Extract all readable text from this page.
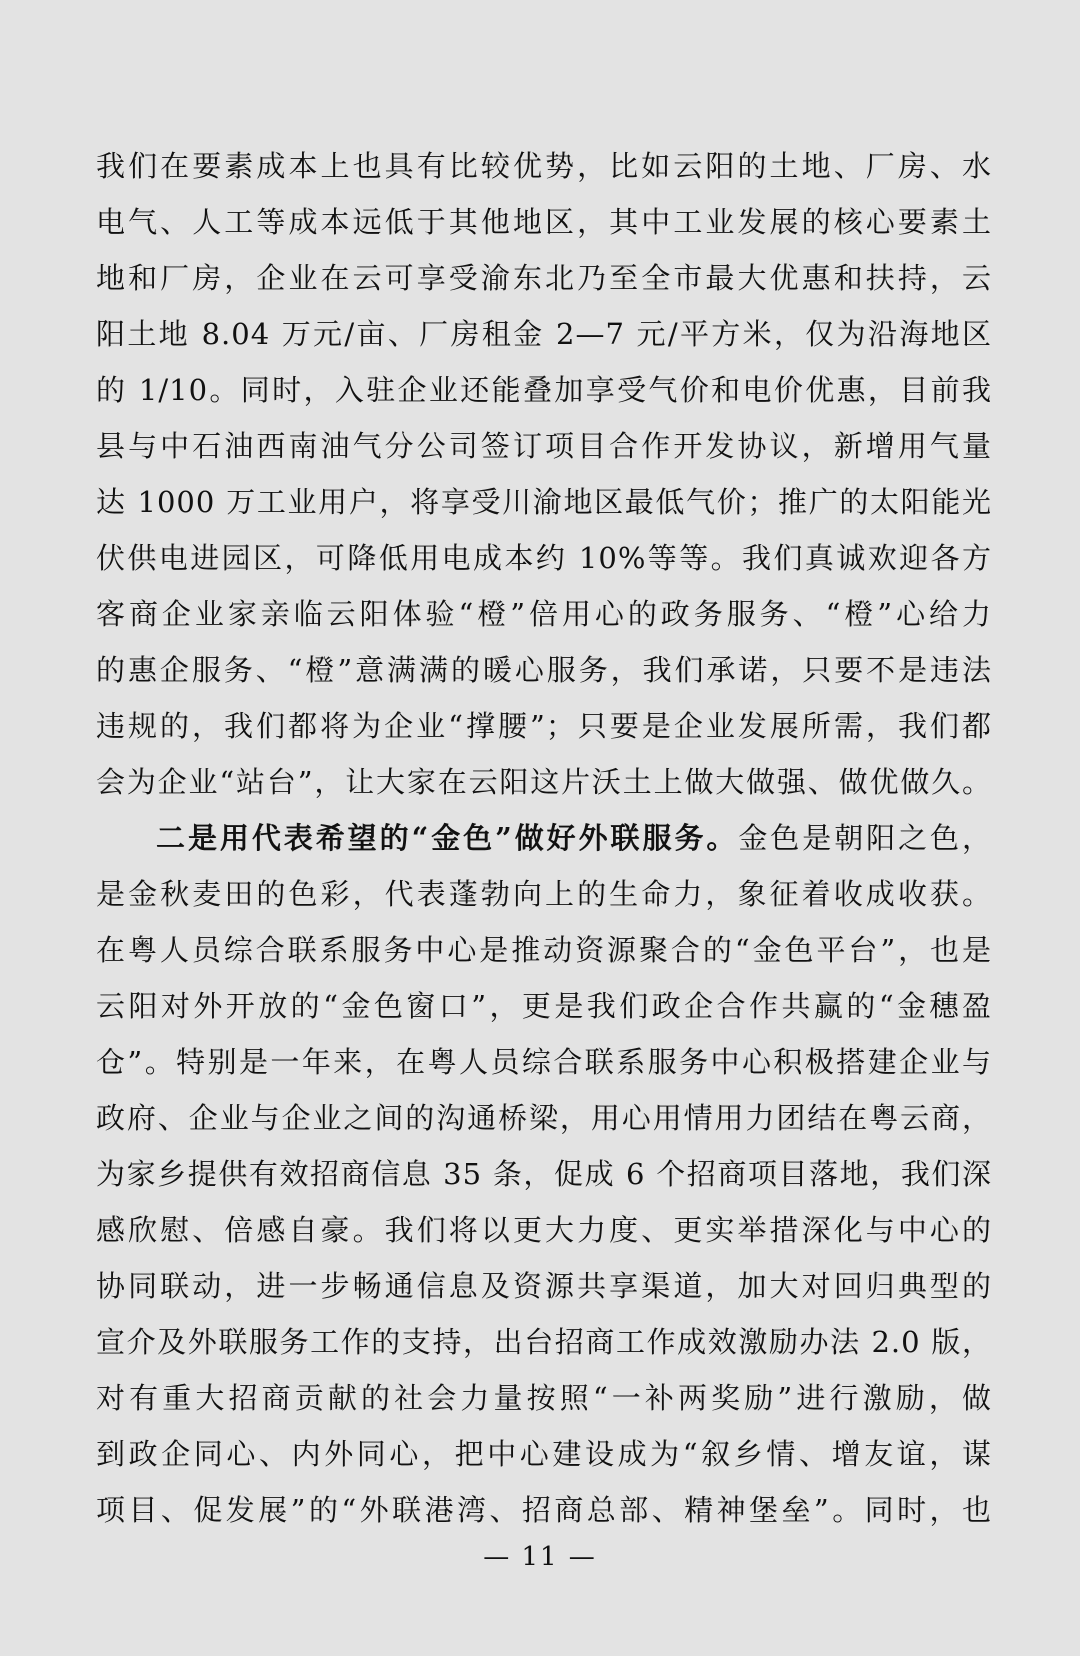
我们在要素成本上也具有比较优势，比如云阳的土地、厂房、水
电气、人工等成本远低于其他地区，其中工业发展的核心要素土
地和厂房，企业在云可享受渝东北乃至全市最大优惠和扶持，云
阳土地 8.04 万元/亩、厂房租金 2—7 元/平方米，仅为沿海地区
的 1/10。同时，入驻企业还能叠加享受气价和电价优惠，目前我
县与中石油西南油气分公司签订项目合作开发协议，新增用气量
达 1000 万工业用户，将享受川渝地区最低气价；推广的太阳能光
伏供电进园区，可降低用电成本约 10%等等。我们真诚欢迎各方
客商企业家亲临云阳体验“橙”倍用心的政务服务、“橙”心给力
的惠企服务、“橙”意满满的暖心服务，我们承诺，只要不是违法
违规的，我们都将为企业“撑腰”；只要是企业发展所需，我们都
会为企业“站台”，让大家在云阳这片沃土上做大做强、做优做久。
二是用代表希望的“金色”做好外联服务。金色是朝阳之色，
是金秋麦田的色彩，代表蓬勃向上的生命力，象征着收成收获。
在粤人员综合联系服务中心是推动资源聚合的“金色平台”，也是
云阳对外开放的“金色窗口”，更是我们政企合作共赢的“金穗盈
仓”。特别是一年来，在粤人员综合联系服务中心积极搭建企业与
政府、企业与企业之间的沟通桥梁，用心用情用力团结在粤云商，
为家乡提供有效招商信息 35 条，促成 6 个招商项目落地，我们深
感欣慰、倍感自豪。我们将以更大力度、更实举措深化与中心的
协同联动，进一步畅通信息及资源共享渠道，加大对回归典型的
宣介及外联服务工作的支持，出台招商工作成效激励办法 2.0 版，
对有重大招商贡献的社会力量按照“一补两奖励”进行激励，做
到政企同心、内外同心，把中心建设成为“叙乡情、增友谊，谋
项目、促发展”的“外联港湾、招商总部、精神堡垒”。同时，也
— 11 —
